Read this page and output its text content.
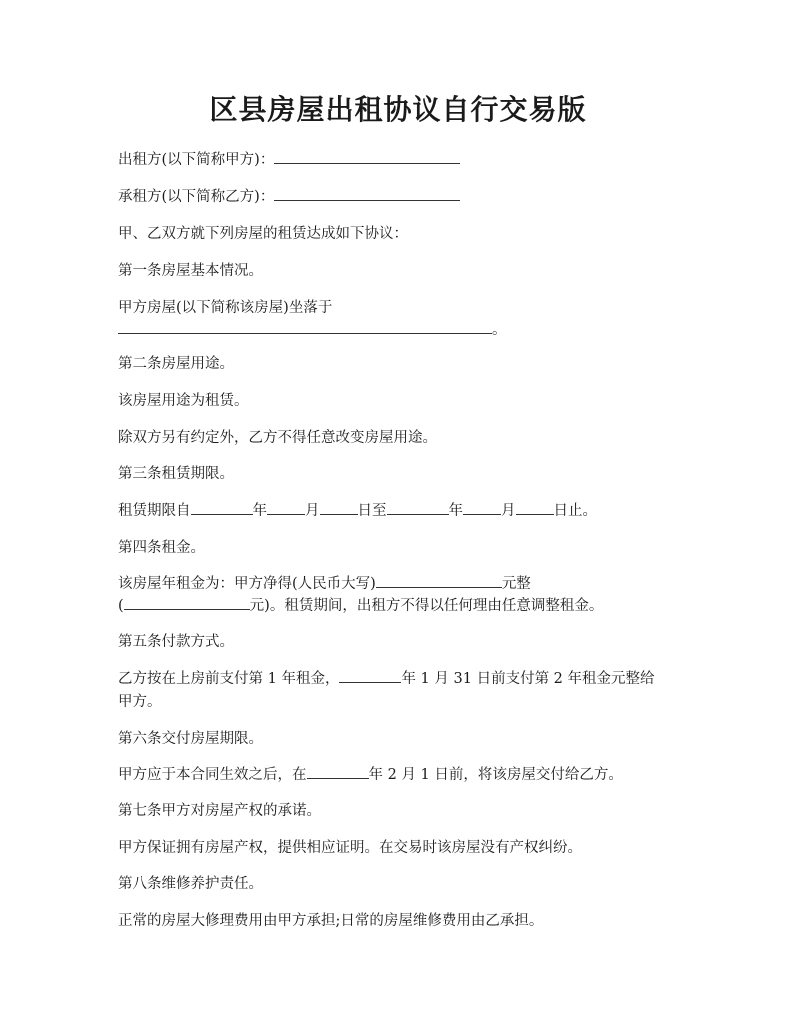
区县房屋出租协议自行交易版
出租方(以下简称甲方)：
承租方(以下简称乙方)：
甲、乙双方就下列房屋的租赁达成如下协议：
第一条房屋基本情况。
甲方房屋(以下简称该房屋)坐落于
。
第二条房屋用途。
该房屋用途为租赁。
除双方另有约定外，乙方不得任意改变房屋用途。
第三条租赁期限。
租赁期限自	年	月	日至	年	月	日止。
第四条租金。
该房屋年租金为：甲方净得(人民币大写)	元整
(	元)。租赁期间，出租方不得以任何理由任意调整租金。
第五条付款方式。
乙方按在上房前支付第 1 年租金，	年 1 月 31 日前支付第 2 年租金元整给
甲方。
第六条交付房屋期限。
甲方应于本合同生效之后，在	年 2 月 1 日前，将该房屋交付给乙方。
第七条甲方对房屋产权的承诺。
甲方保证拥有房屋产权，提供相应证明。在交易时该房屋没有产权纠纷。
第八条维修养护责任。
正常的房屋大修理费用由甲方承担;日常的房屋维修费用由乙承担。
